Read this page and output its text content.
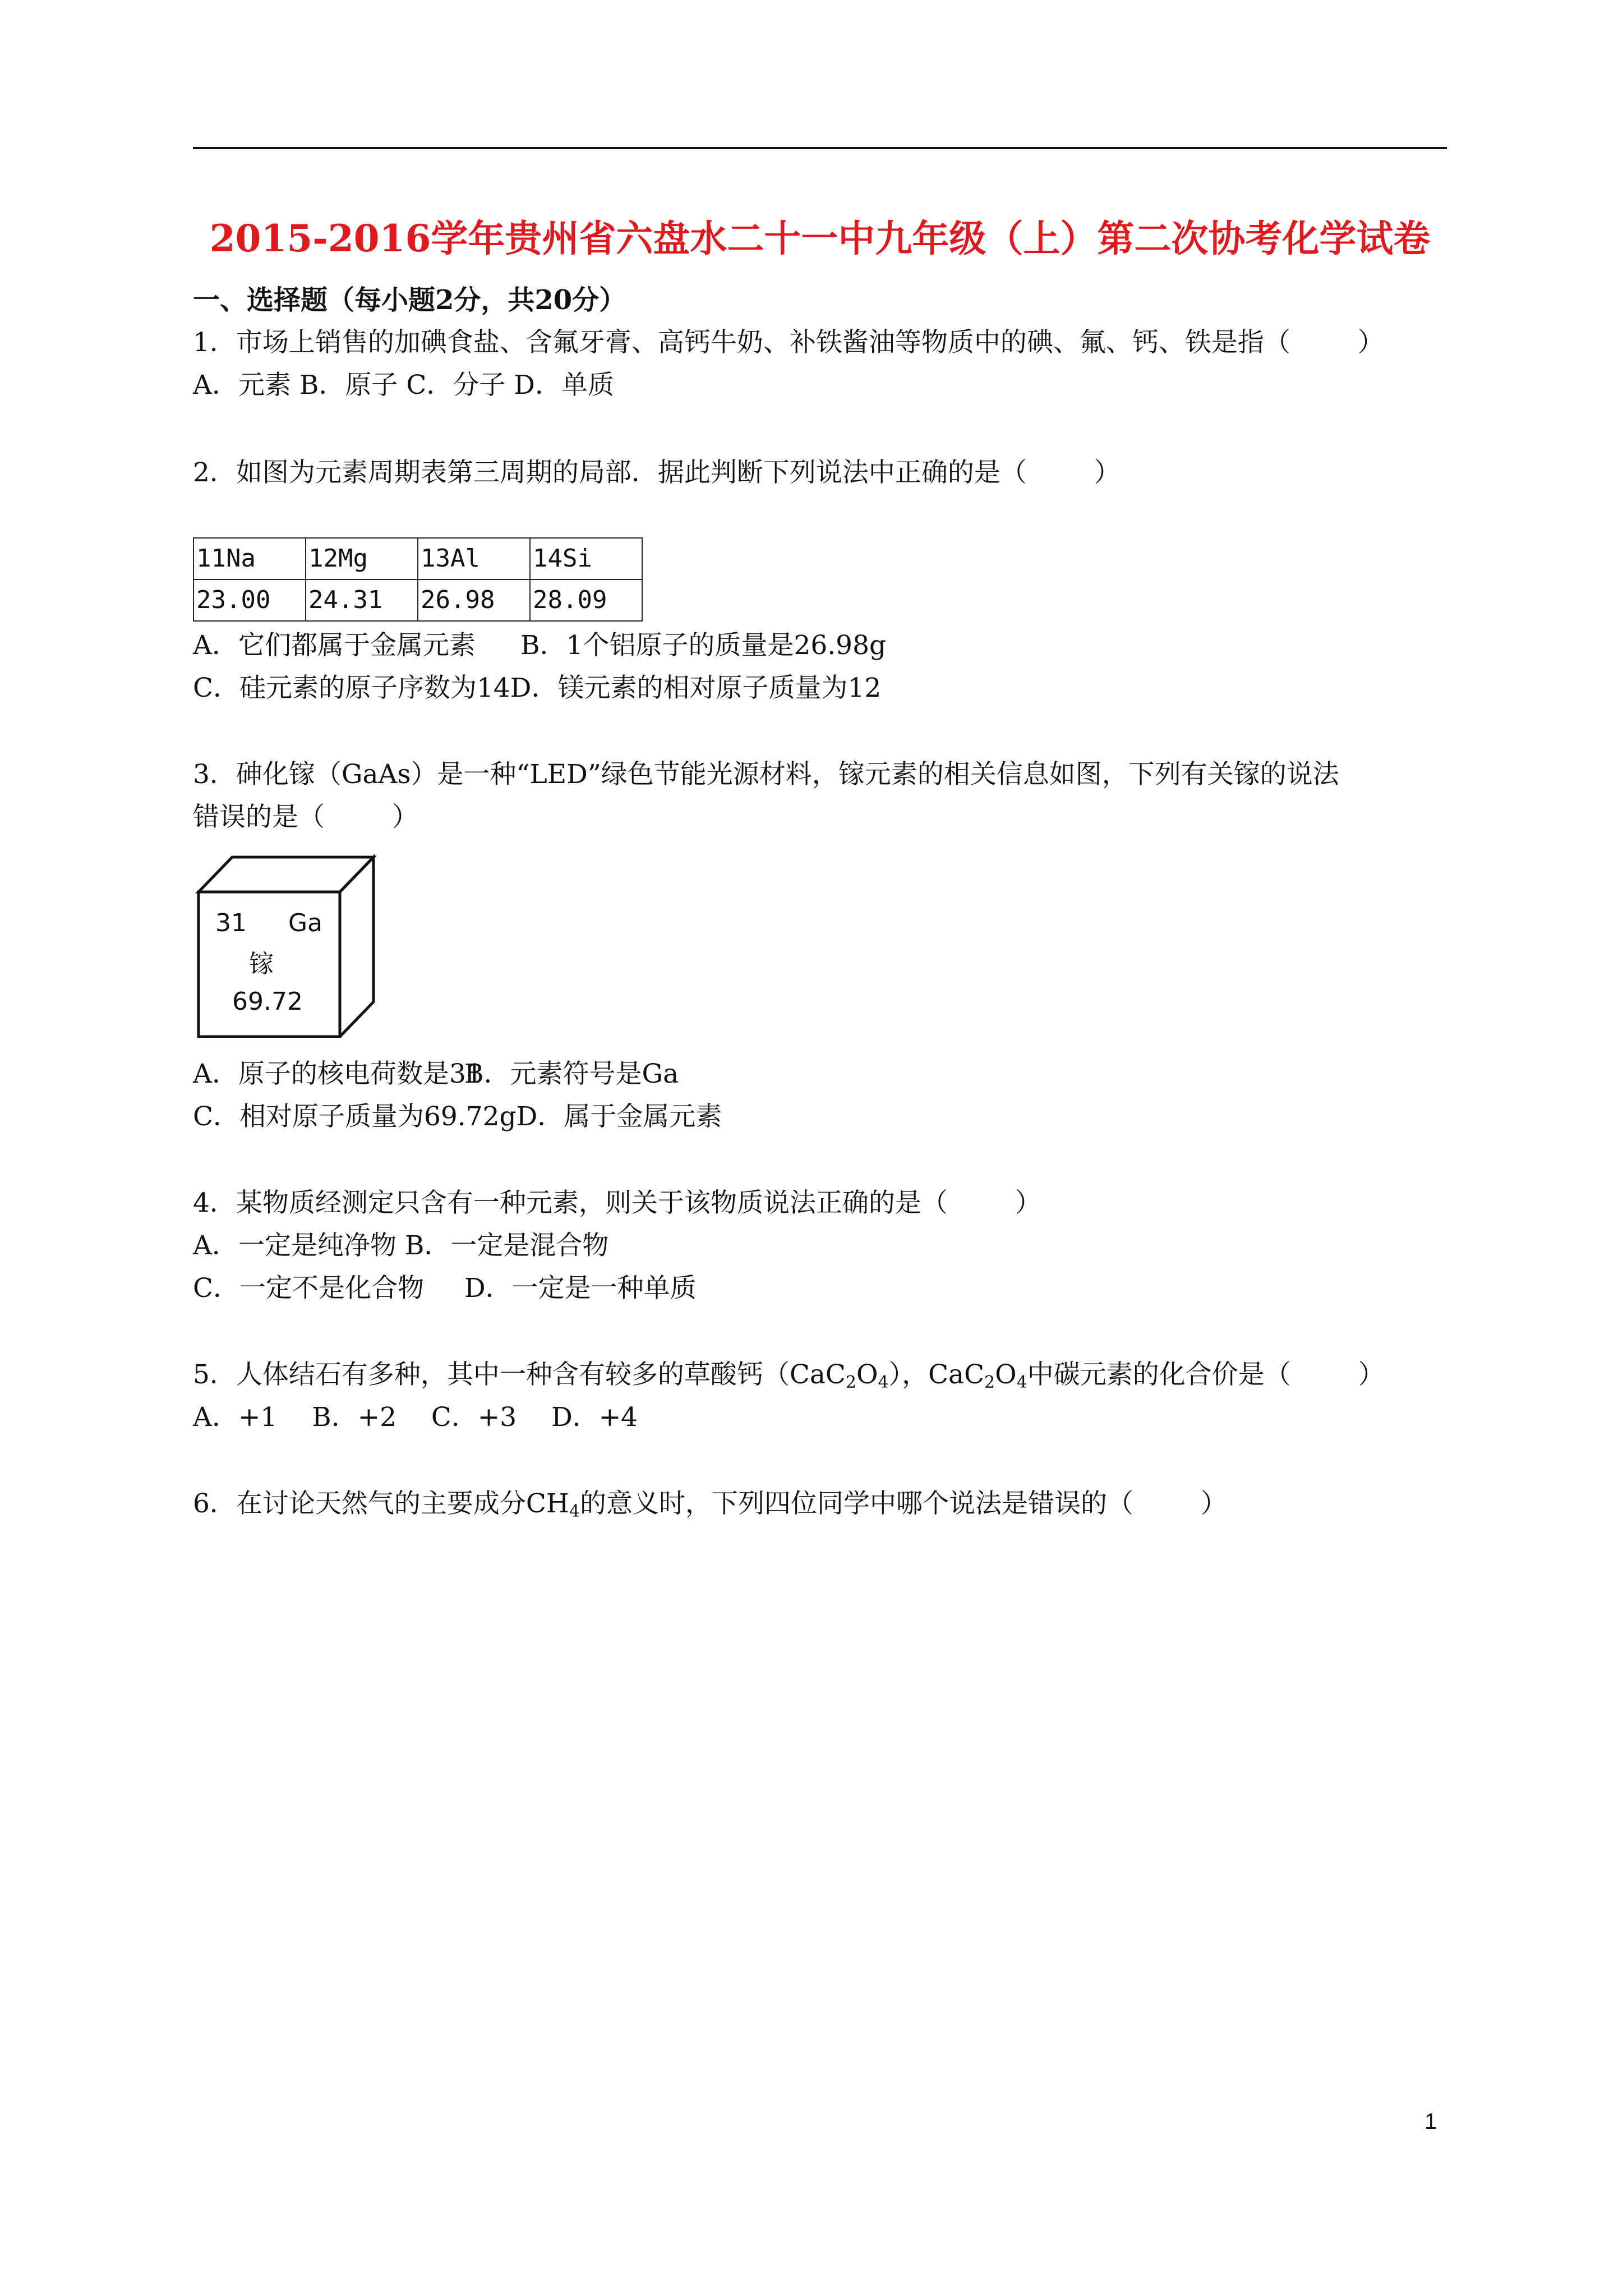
2015-2016学年贵州省六盘水二十一中九年级（上）第二次协考化学试卷
一、选择题（每小题2分，共20分）
1．市场上销售的加碘食盐、含氟牙膏、高钙牛奶、补铁酱油等物质中的碘、氟、钙、铁是指（	）
A．元素 B．原子 C．分子 D．单质
2．如图为元素周期表第三周期的局部．据此判断下列说法中正确的是（	）
11Na	12Mg	13Al	14Si
23.00	24.31	26.98	28.09
A．它们都属于金属元素 B．1个铝原子的质量是26.98g
C．硅元素的原子序数为14D．镁元素的相对原子质量为12
3．砷化镓（GaAs）是一种“LED”绿色节能光源材料，镓元素的相关信息如图，下列有关镓的说法
错误的是（	）
31 Ga
镓
69.72
A．原子的核电荷数是31B．元素符号是Ga
C．相对原子质量为69.72gD．属于金属元素
4．某物质经测定只含有一种元素，则关于该物质说法正确的是（	）
A．一定是纯净物 B．一定是混合物
C．一定不是化合物 D．一定是一种单质
5．人体结石有多种，其中一种含有较多的草酸钙$(CaC_2O_4)$，$CaC_2O_4$中碳元素的化合价是（	）
A．+1　 B．+2　 C．+3　 D．+4
6．在讨论天然气的主要成分$CH_4$的意义时，下列四位同学中哪个说法是错误的（	）
1
